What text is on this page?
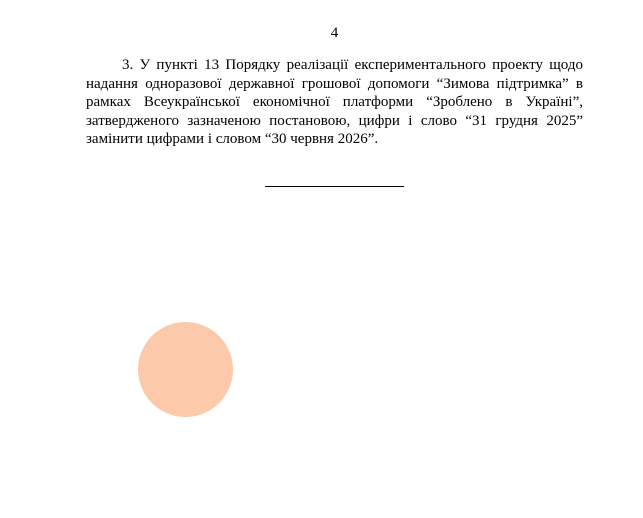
4

3. У пункті 13 Порядку реалізації експериментального проекту щодо надання одноразової державної грошової допомоги “Зимова підтримка” в рамках Всеукраїнської економічної платформи “Зроблено в Україні”, затвердженого зазначеною постановою, цифри і слово “31 грудня 2025” замінити цифрами і словом “30 червня 2026”.
